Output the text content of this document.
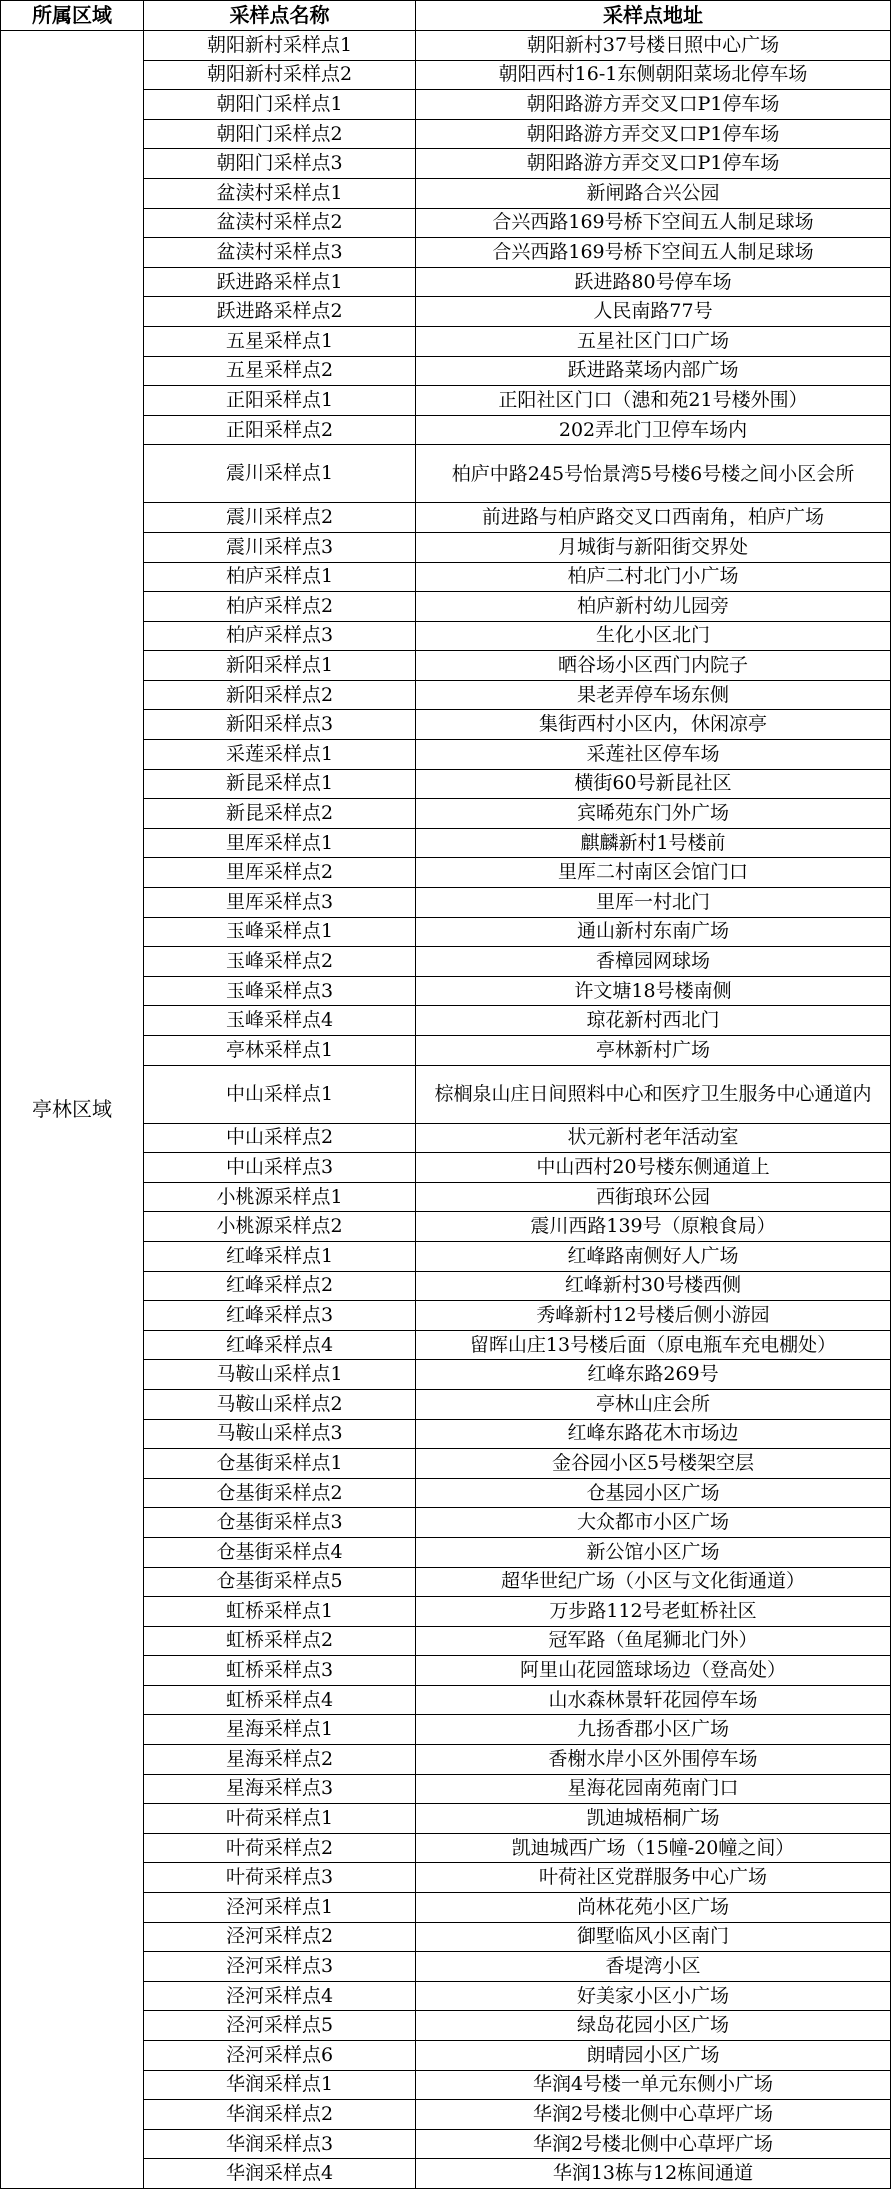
所属区域	采样点名称	采样点地址
亭林区域	朝阳新村采样点1	朝阳新村37号楼日照中心广场
	朝阳新村采样点2	朝阳西村16-1东侧朝阳菜场北停车场
	朝阳门采样点1	朝阳路游方弄交叉口P1停车场
	朝阳门采样点2	朝阳路游方弄交叉口P1停车场
	朝阳门采样点3	朝阳路游方弄交叉口P1停车场
	盆渎村采样点1	新闸路合兴公园
	盆渎村采样点2	合兴西路169号桥下空间五人制足球场
	盆渎村采样点3	合兴西路169号桥下空间五人制足球场
	跃进路采样点1	跃进路80号停车场
	跃进路采样点2	人民南路77号
	五星采样点1	五星社区门口广场
	五星采样点2	跃进路菜场内部广场
	正阳采样点1	正阳社区门口（漶和苑21号楼外围）
	正阳采样点2	202弄北门卫停车场内
	震川采样点1	柏庐中路245号怡景湾5号楼6号楼之间小区会所
	震川采样点2	前进路与柏庐路交叉口西南角，柏庐广场
	震川采样点3	月城街与新阳街交界处
	柏庐采样点1	柏庐二村北门小广场
	柏庐采样点2	柏庐新村幼儿园旁
	柏庐采样点3	生化小区北门
	新阳采样点1	晒谷场小区西门内院子
	新阳采样点2	果老弄停车场东侧
	新阳采样点3	集街西村小区内，休闲凉亭
	采莲采样点1	采莲社区停车场
	新昆采样点1	横街60号新昆社区
	新昆采样点2	宾晞苑东门外广场
	里厍采样点1	麒麟新村1号楼前
	里厍采样点2	里厍二村南区会馆门口
	里厍采样点3	里厍一村北门
	玉峰采样点1	通山新村东南广场
	玉峰采样点2	香樟园网球场
	玉峰采样点3	许文塘18号楼南侧
	玉峰采样点4	琼花新村西北门
	亭林采样点1	亭林新村广场
	中山采样点1	棕榈泉山庄日间照料中心和医疗卫生服务中心通道内
	中山采样点2	状元新村老年活动室
	中山采样点3	中山西村20号楼东侧通道上
	小桃源采样点1	西街琅环公园
	小桃源采样点2	震川西路139号（原粮食局）
	红峰采样点1	红峰路南侧好人广场
	红峰采样点2	红峰新村30号楼西侧
	红峰采样点3	秀峰新村12号楼后侧小游园
	红峰采样点4	留晖山庄13号楼后面（原电瓶车充电棚处）
	马鞍山采样点1	红峰东路269号
	马鞍山采样点2	亭林山庄会所
	马鞍山采样点3	红峰东路花木市场边
	仓基街采样点1	金谷园小区5号楼架空层
	仓基街采样点2	仓基园小区广场
	仓基街采样点3	大众都市小区广场
	仓基街采样点4	新公馆小区广场
	仓基街采样点5	超华世纪广场（小区与文化街通道）
	虹桥采样点1	万步路112号老虹桥社区
	虹桥采样点2	冠军路（鱼尾狮北门外）
	虹桥采样点3	阿里山花园篮球场边（登高处）
	虹桥采样点4	山水森林景轩花园停车场
	星海采样点1	九扬香郡小区广场
	星海采样点2	香榭水岸小区外围停车场
	星海采样点3	星海花园南苑南门口
	叶荷采样点1	凯迪城梧桐广场
	叶荷采样点2	凯迪城西广场（15幢-20幢之间）
	叶荷采样点3	叶荷社区党群服务中心广场
	泾河采样点1	尚林花苑小区广场
	泾河采样点2	御墅临风小区南门
	泾河采样点3	香堤湾小区
	泾河采样点4	好美家小区小广场
	泾河采样点5	绿岛花园小区广场
	泾河采样点6	朗晴园小区广场
	华润采样点1	华润4号楼一单元东侧小广场
	华润采样点2	华润2号楼北侧中心草坪广场
	华润采样点3	华润2号楼北侧中心草坪广场
	华润采样点4	华润13栋与12栋间通道
